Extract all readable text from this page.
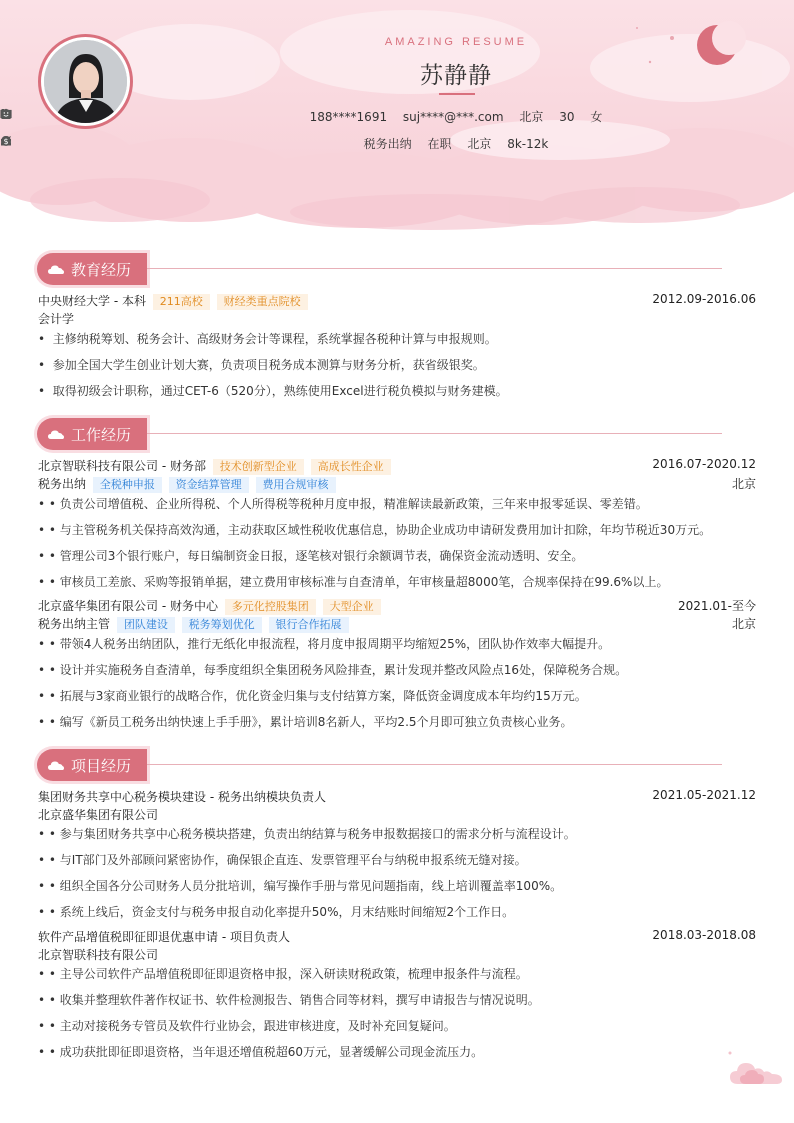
AMAZING RESUME
苏静静
188****1691
suj****@***.com
北京
30
女
税务出纳
在职
北京

$	8k-12k
教育经历
中央财经大学 - 本科 211高校 财经类重点院校	2012.09-2016.06
会计学
•  主修纳税筹划、税务会计、高级财务会计等课程，系统掌握各税种计算与申报规则。
•  参加全国大学生创业计划大赛，负责项目税务成本测算与财务分析，获省级银奖。
•  取得初级会计职称，通过CET-6（520分），熟练使用Excel进行税负模拟与财务建模。
工作经历
北京智联科技有限公司 - 财务部 技术创新型企业 高成长性企业	2016.07-2020.12
税务出纳 全税种申报 资金结算管理 费用合规审核	北京
• • 负责公司增值税、企业所得税、个人所得税等税种月度申报，精准解读最新政策，三年来申报零延误、零差错。
• • 与主管税务机关保持高效沟通，主动获取区域性税收优惠信息，协助企业成功申请研发费用加计扣除，年均节税近30万元。
• • 管理公司3个银行账户，每日编制资金日报，逐笔核对银行余额调节表，确保资金流动透明、安全。
• • 审核员工差旅、采购等报销单据，建立费用审核标准与自查清单，年审核量超8000笔，合规率保持在99.6%以上。
北京盛华集团有限公司 - 财务中心 多元化控股集团 大型企业	2021.01-至今
税务出纳主管 团队建设 税务筹划优化 银行合作拓展	北京
• • 带领4人税务出纳团队，推行无纸化申报流程，将月度申报周期平均缩短25%，团队协作效率大幅提升。
• • 设计并实施税务自查清单，每季度组织全集团税务风险排查，累计发现并整改风险点16处，保障税务合规。
• • 拓展与3家商业银行的战略合作，优化资金归集与支付结算方案，降低资金调度成本年均约15万元。
• • 编写《新员工税务出纳快速上手手册》，累计培训8名新人，平均2.5个月即可独立负责核心业务。
项目经历
集团财务共享中心税务模块建设 - 税务出纳模块负责人	2021.05-2021.12
北京盛华集团有限公司
• • 参与集团财务共享中心税务模块搭建，负责出纳结算与税务申报数据接口的需求分析与流程设计。
• • 与IT部门及外部顾问紧密协作，确保银企直连、发票管理平台与纳税申报系统无缝对接。
• • 组织全国各分公司财务人员分批培训，编写操作手册与常见问题指南，线上培训覆盖率100%。
• • 系统上线后，资金支付与税务申报自动化率提升50%，月末结账时间缩短2个工作日。
软件产品增值税即征即退优惠申请 - 项目负责人	2018.03-2018.08
北京智联科技有限公司
• • 主导公司软件产品增值税即征即退资格申报，深入研读财税政策，梳理申报条件与流程。
• • 收集并整理软件著作权证书、软件检测报告、销售合同等材料，撰写申请报告与情况说明。
• • 主动对接税务专管员及软件行业协会，跟进审核进度，及时补充回复疑问。
• • 成功获批即征即退资格，当年退还增值税超60万元，显著缓解公司现金流压力。
